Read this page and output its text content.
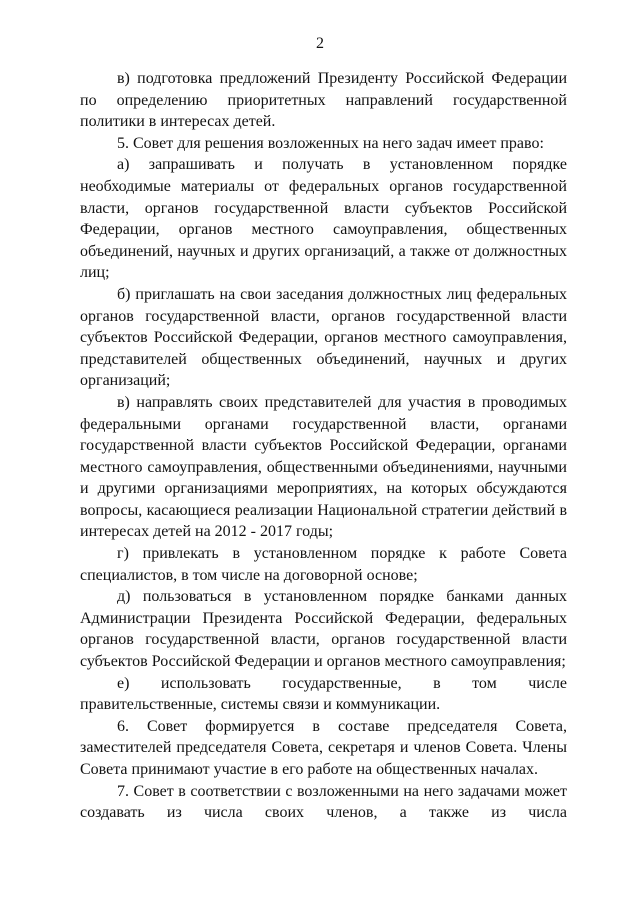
2

в) подготовка предложений Президенту Российской Федерации по определению приоритетных направлений государственной политики в интересах детей.

5. Совет для решения возложенных на него задач имеет право:

а) запрашивать и получать в установленном порядке необходимые материалы от федеральных органов государственной власти, органов государственной власти субъектов Российской Федерации, органов местного самоуправления, общественных объединений, научных и других организаций, а также от должностных лиц;

б) приглашать на свои заседания должностных лиц федеральных органов государственной власти, органов государственной власти субъектов Российской Федерации, органов местного самоуправления, представителей общественных объединений, научных и других организаций;

в) направлять своих представителей для участия в проводимых федеральными органами государственной власти, органами государственной власти субъектов Российской Федерации, органами местного самоуправления, общественными объединениями, научными и другими организациями мероприятиях, на которых обсуждаются вопросы, касающиеся реализации Национальной стратегии действий в интересах детей на 2012 - 2017 годы;

г) привлекать в установленном порядке к работе Совета специалистов, в том числе на договорной основе;

д) пользоваться в установленном порядке банками данных Администрации Президента Российской Федерации, федеральных органов государственной власти, органов государственной власти субъектов Российской Федерации и органов местного самоуправления;

е) использовать государственные, в том числе правительственные, системы связи и коммуникации.

6. Совет формируется в составе председателя Совета, заместителей председателя Совета, секретаря и членов Совета. Члены Совета принимают участие в его работе на общественных началах.

7. Совет в соответствии с возложенными на него задачами может создавать из числа своих членов, а также из числа
